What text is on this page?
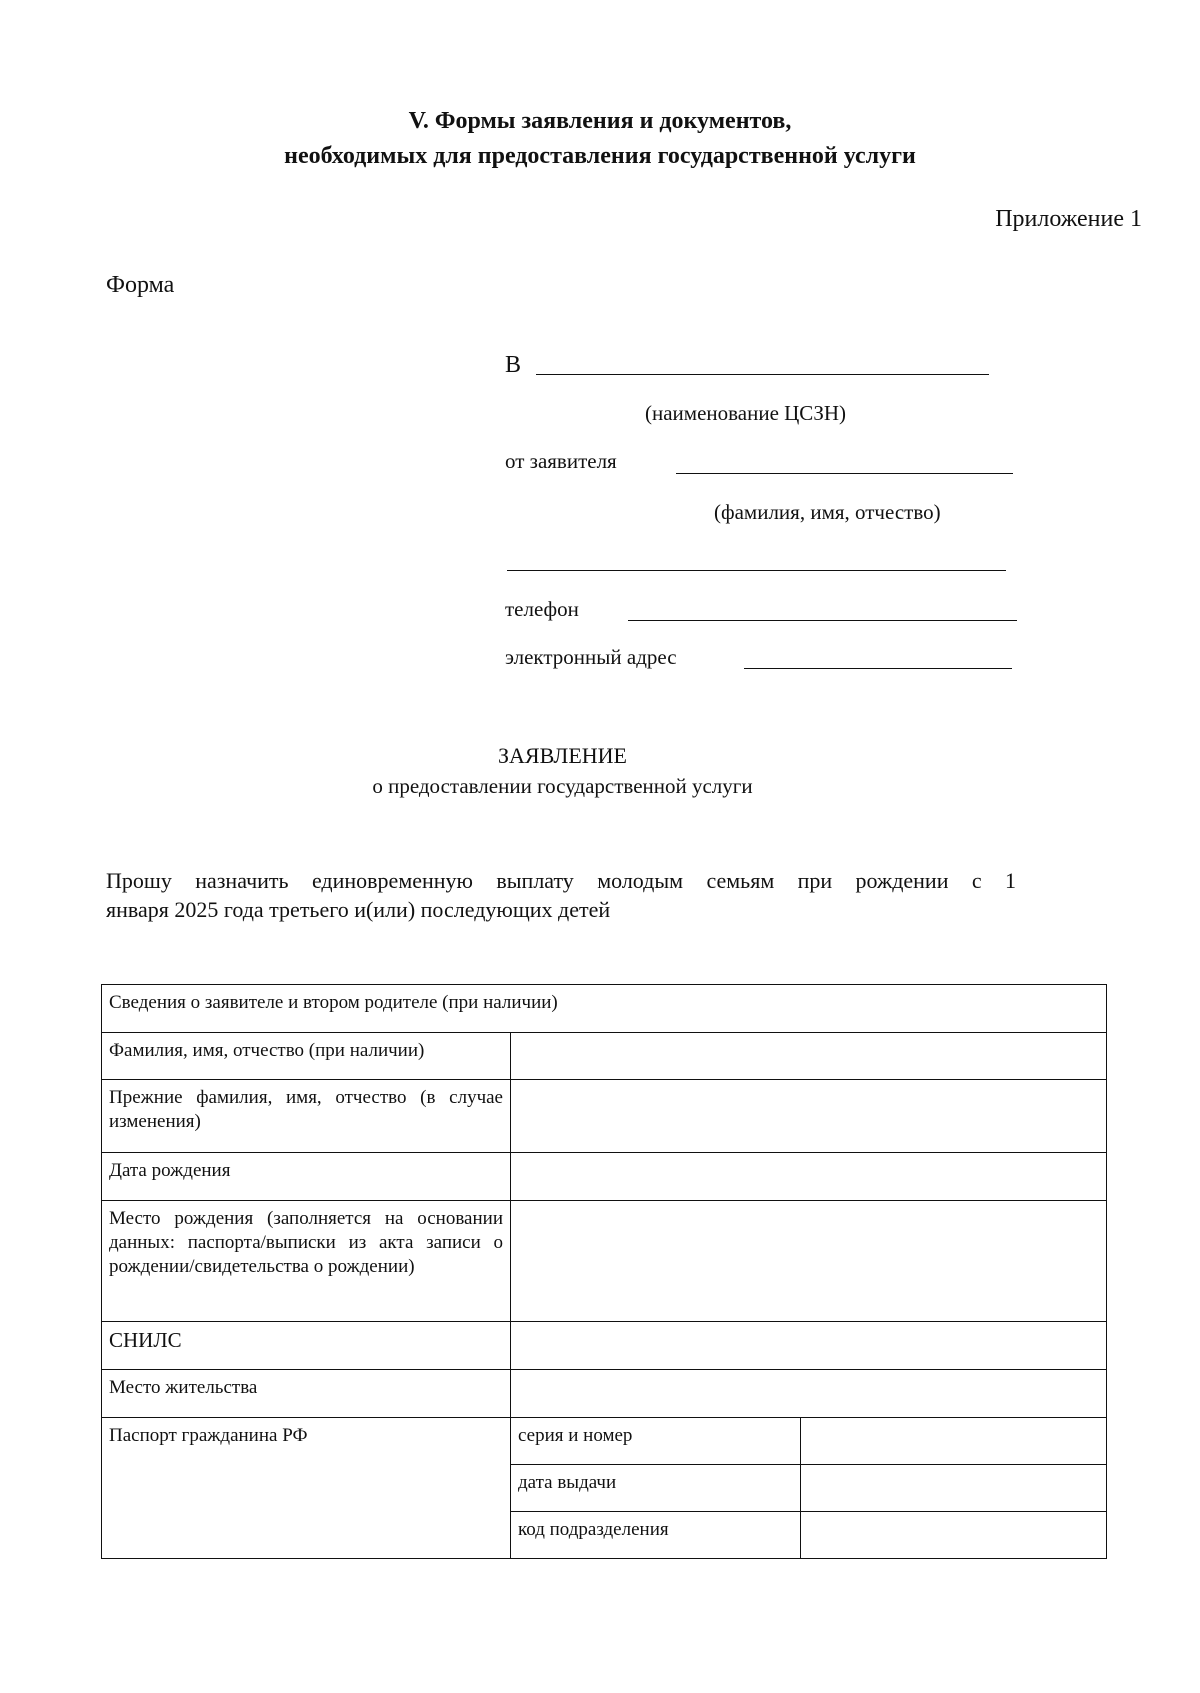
V. Формы заявления и документов,
необходимых для предоставления государственной услуги
Приложение 1
Форма
В
(наименование ЦСЗН)
от заявителя
(фамилия, имя, отчество)
телефон
электронный адрес
ЗАЯВЛЕНИЕ
о предоставлении государственной услуги
Прошу назначить единовременную выплату молодым семьям при рождении с 1
января 2025 года третьего и(или) последующих детей
Сведения о заявителе и втором родителе (при наличии)		
Фамилия, имя, отчество (при наличии)		
Прежние фамилия, имя, отчество (в случае изменения)		
Дата рождения		
Место рождения (заполняется на основании данных: паспорта/выписки из акта записи о рождении/свидетельства о рождении)		
СНИЛС		
Место жительства		
Паспорт гражданина РФ	серия и номер	
	дата выдачи	
	код подразделения	
